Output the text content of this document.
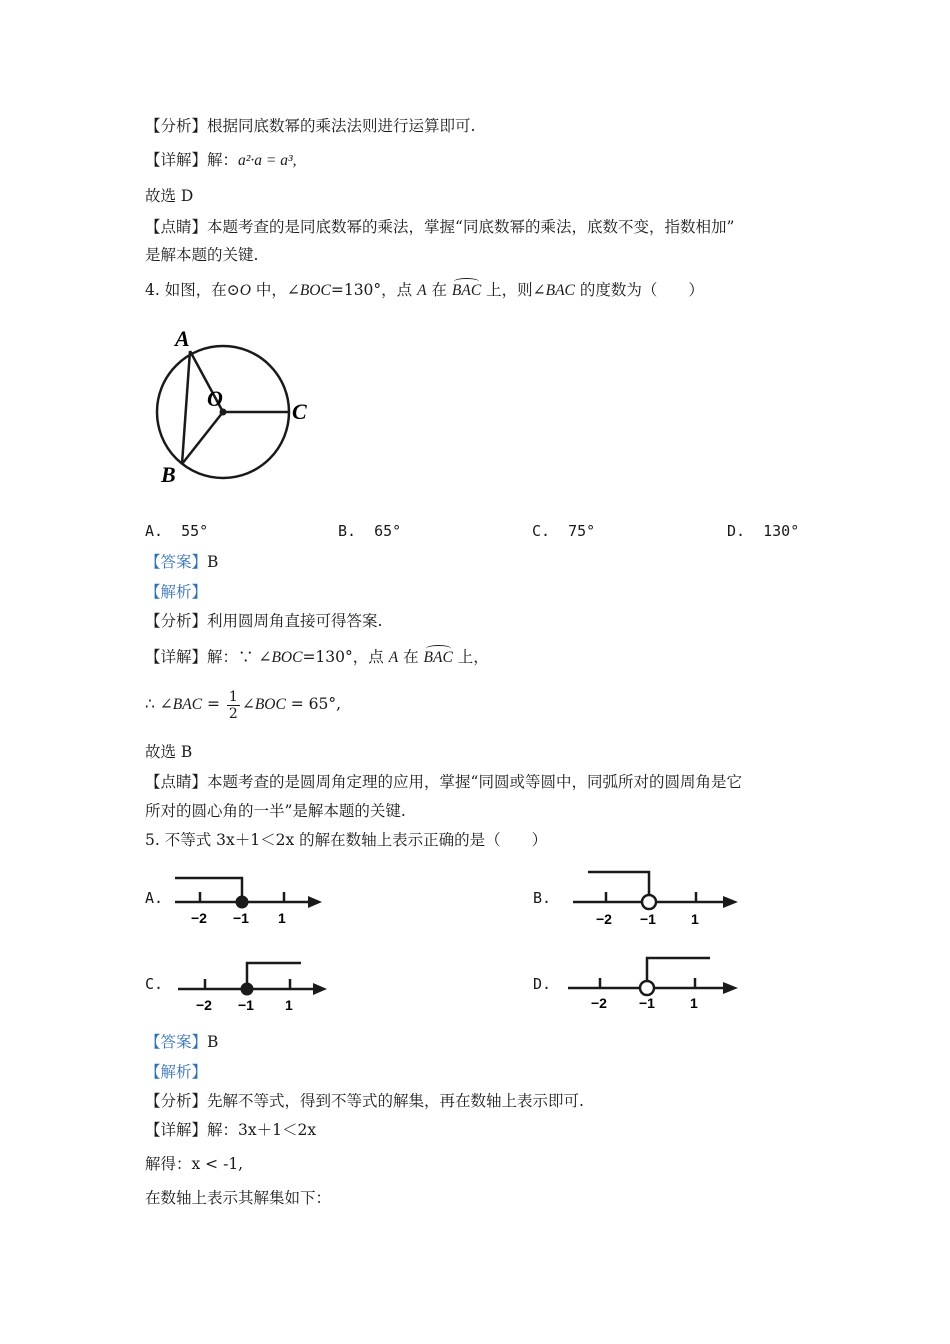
【分析】根据同底数幂的乘法法则进行运算即可.
【详解】解：a²·a = a³,
故选 D
【点睛】本题考查的是同底数幂的乘法，掌握“同底数幂的乘法，底数不变，指数相加”
是解本题的关键.
4. 如图，在⊙O 中，∠BOC=130°，点 A 在 BAC 上，则∠BAC 的度数为（　　）
A
O
C
B
A. 55°	B. 65°	C. 75°	D. 130°
【答案】B
【解析】
【分析】利用圆周角直接可得答案.
【详解】解：∵ ∠BOC=130°，点 A 在 BAC 上，
∴ ∠BAC = $\frac{1}{2}$ ∠BOC = 65°,
故选 B
【点睛】本题考查的是圆周角定理的应用，掌握“同圆或等圆中，同弧所对的圆周角是它
所对的圆心角的一半”是解本题的关键.
5. 不等式 3x＋1＜2x 的解在数轴上表示正确的是（　　）
A.
−2 −1 1
B.
−2 −1	1
C.
−2 −1 1
D.
−2 −1	1
【答案】B
【解析】
【分析】先解不等式，得到不等式的解集，再在数轴上表示即可.
【详解】解：3x＋1＜2x
解得：x < -1,
在数轴上表示其解集如下：
